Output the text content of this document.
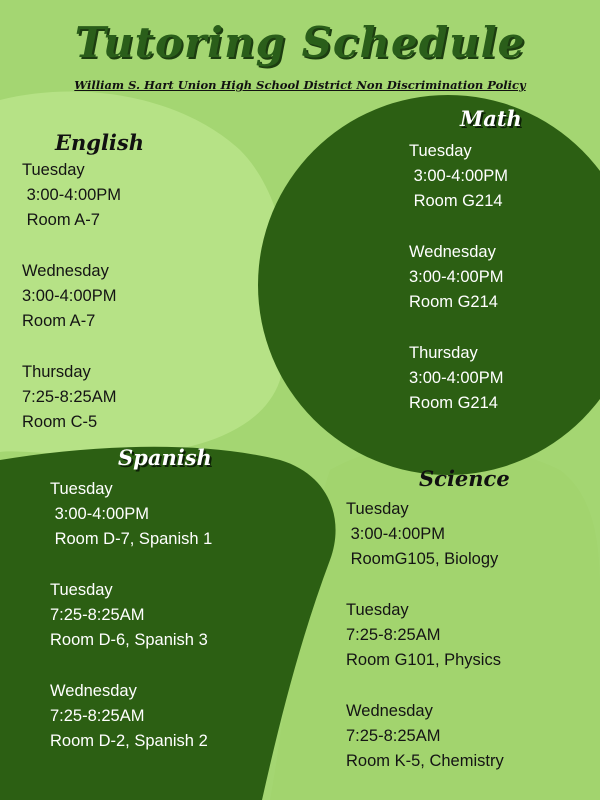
Tutoring Schedule
William S. Hart Union High School District Non Discrimination Policy
English
Tuesday
3:00-4:00PM
Room A-7
Wednesday
3:00-4:00PM
Room A-7
Thursday
7:25-8:25AM
Room C-5
Math
Tuesday
3:00-4:00PM
Room G214
Wednesday
3:00-4:00PM
Room G214
Thursday
3:00-4:00PM
Room G214
Spanish
Tuesday
3:00-4:00PM
Room D-7, Spanish 1
Tuesday
7:25-8:25AM
Room D-6, Spanish 3
Wednesday
7:25-8:25AM
Room D-2, Spanish 2
Science
Tuesday
3:00-4:00PM
RoomG105, Biology
Tuesday
7:25-8:25AM
Room G101, Physics
Wednesday
7:25-8:25AM
Room K-5, Chemistry
